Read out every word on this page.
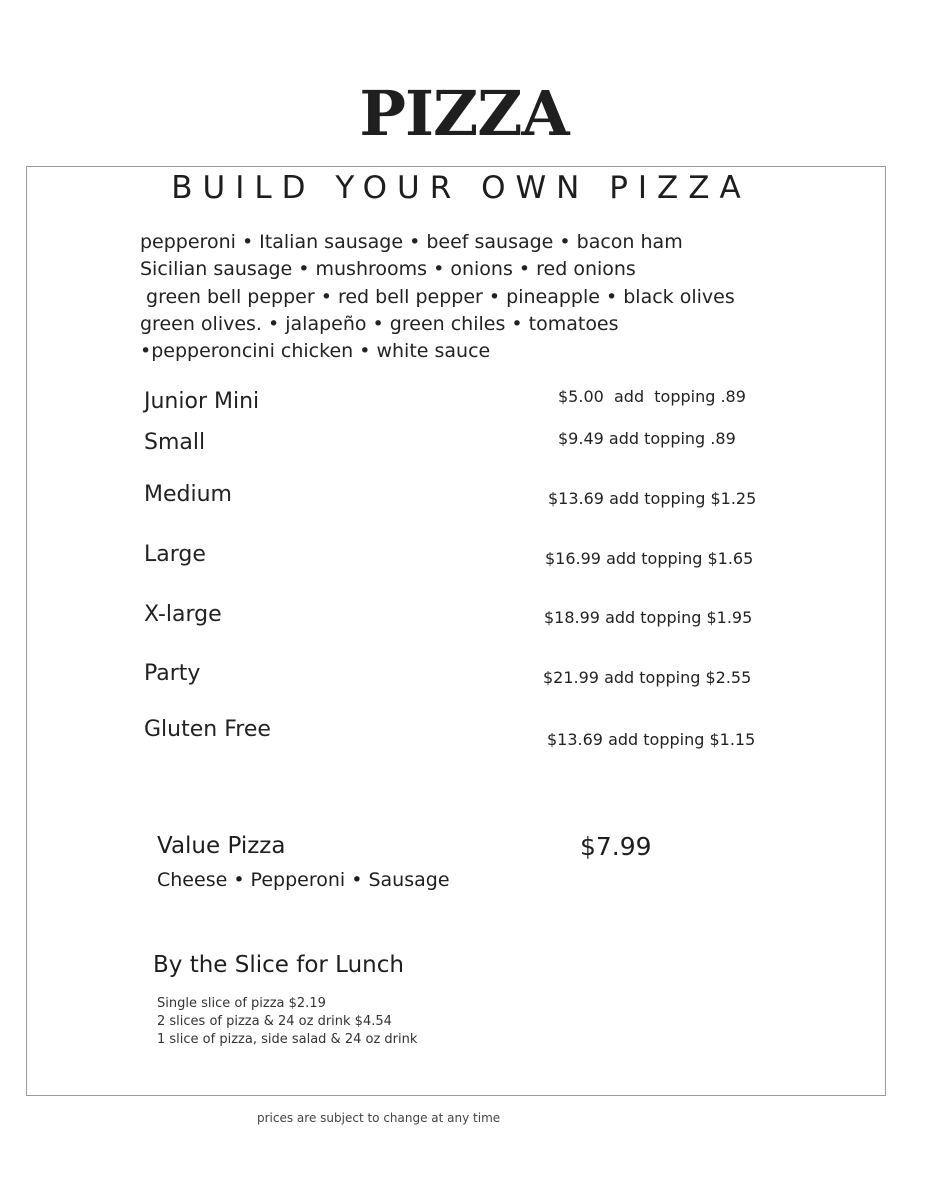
PIZZA
BUILD YOUR OWN PIZZA
pepperoni • Italian sausage • beef sausage • bacon ham
Sicilian sausage • mushrooms • onions • red onions
green bell pepper • red bell pepper • pineapple • black olives
green olives. • jalapeño • green chiles • tomatoes
•pepperoncini chicken • white sauce
Junior Mini	$5.00  add  topping .89
Small	$9.49 add topping .89
Medium	$13.69 add topping $1.25
Large	$16.99 add topping $1.65
X-large	$18.99 add topping $1.95
Party	$21.99 add topping $2.55
Gluten Free	$13.69 add topping $1.15
Value Pizza	$7.99
Cheese • Pepperoni • Sausage
By the Slice for Lunch
Single slice of pizza $2.19
2 slices of pizza & 24 oz drink $4.54
1 slice of pizza, side salad & 24 oz drink
prices are subject to change at any time
